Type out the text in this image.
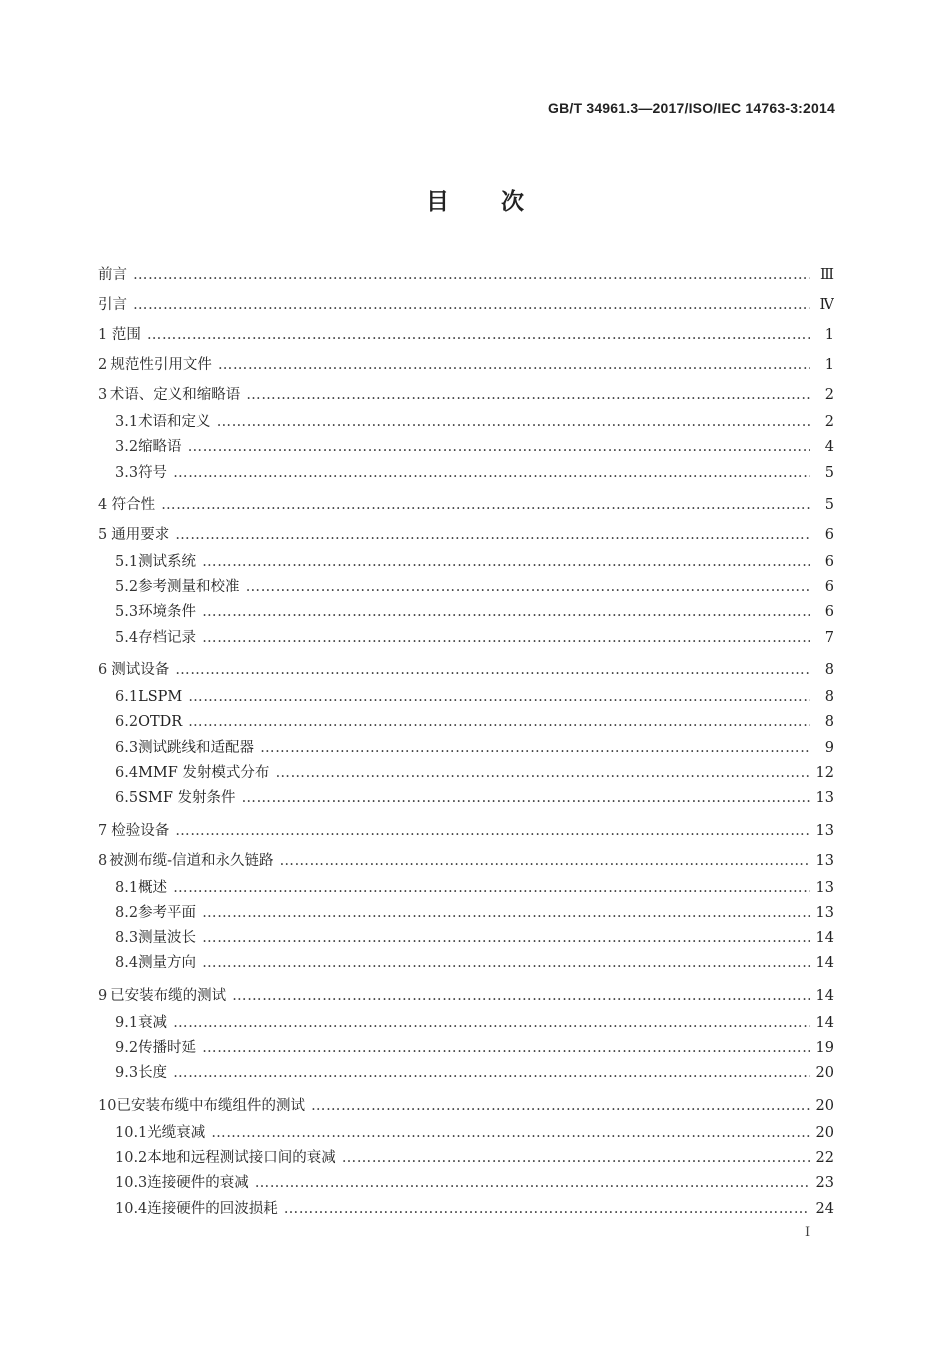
GB/T 34961.3—2017/ISO/IEC 14763-3:2014
目次
前言 ……………………………………………………………………………………………………………………………………………………………………………………………………………………………………	Ⅲ
引言 ……………………………………………………………………………………………………………………………………………………………………………………………………………………………………	Ⅳ
1 范围 ……………………………………………………………………………………………………………………………………………………………………………………………………………………………………	1
2 规范性引用文件 ……………………………………………………………………………………………………………………………………………………………………………………………………………………………………	1
3 术语、定义和缩略语 ……………………………………………………………………………………………………………………………………………………………………………………………………………………………………	2
3.1 术语和定义 ……………………………………………………………………………………………………………………………………………………………………………………………………………………………………	2
3.2 缩略语 ……………………………………………………………………………………………………………………………………………………………………………………………………………………………………	4
3.3 符号 ……………………………………………………………………………………………………………………………………………………………………………………………………………………………………	5
4 符合性 ……………………………………………………………………………………………………………………………………………………………………………………………………………………………………	5
5 通用要求 ……………………………………………………………………………………………………………………………………………………………………………………………………………………………………	6
5.1 测试系统 ……………………………………………………………………………………………………………………………………………………………………………………………………………………………………	6
5.2 参考测量和校准 ……………………………………………………………………………………………………………………………………………………………………………………………………………………………………	6
5.3 环境条件 ……………………………………………………………………………………………………………………………………………………………………………………………………………………………………	6
5.4 存档记录 ……………………………………………………………………………………………………………………………………………………………………………………………………………………………………	7
6 测试设备 ……………………………………………………………………………………………………………………………………………………………………………………………………………………………………	8
6.1 LSPM ……………………………………………………………………………………………………………………………………………………………………………………………………………………………………	8
6.2 OTDR ……………………………………………………………………………………………………………………………………………………………………………………………………………………………………	8
6.3 测试跳线和适配器 ……………………………………………………………………………………………………………………………………………………………………………………………………………………………………	9
6.4 MMF 发射模式分布 ……………………………………………………………………………………………………………………………………………………………………………………………………………………………………	12
6.5 SMF 发射条件 ……………………………………………………………………………………………………………………………………………………………………………………………………………………………………	13
7 检验设备 ……………………………………………………………………………………………………………………………………………………………………………………………………………………………………	13
8 被测布缆-信道和永久链路 ……………………………………………………………………………………………………………………………………………………………………………………………………………………………………	13
8.1 概述 ……………………………………………………………………………………………………………………………………………………………………………………………………………………………………	13
8.2 参考平面 ……………………………………………………………………………………………………………………………………………………………………………………………………………………………………	13
8.3 测量波长 ……………………………………………………………………………………………………………………………………………………………………………………………………………………………………	14
8.4 测量方向 ……………………………………………………………………………………………………………………………………………………………………………………………………………………………………	14
9 已安装布缆的测试 ……………………………………………………………………………………………………………………………………………………………………………………………………………………………………	14
9.1 衰减 ……………………………………………………………………………………………………………………………………………………………………………………………………………………………………	14
9.2 传播时延 ……………………………………………………………………………………………………………………………………………………………………………………………………………………………………	19
9.3 长度 ……………………………………………………………………………………………………………………………………………………………………………………………………………………………………	20
10 已安装布缆中布缆组件的测试 ……………………………………………………………………………………………………………………………………………………………………………………………………………………………………	20
10.1 光缆衰减 ……………………………………………………………………………………………………………………………………………………………………………………………………………………………………	20
10.2 本地和远程测试接口间的衰减 ……………………………………………………………………………………………………………………………………………………………………………………………………………………………………	22
10.3 连接硬件的衰减 ……………………………………………………………………………………………………………………………………………………………………………………………………………………………………	23
10.4 连接硬件的回波损耗 ……………………………………………………………………………………………………………………………………………………………………………………………………………………………………	24
I
